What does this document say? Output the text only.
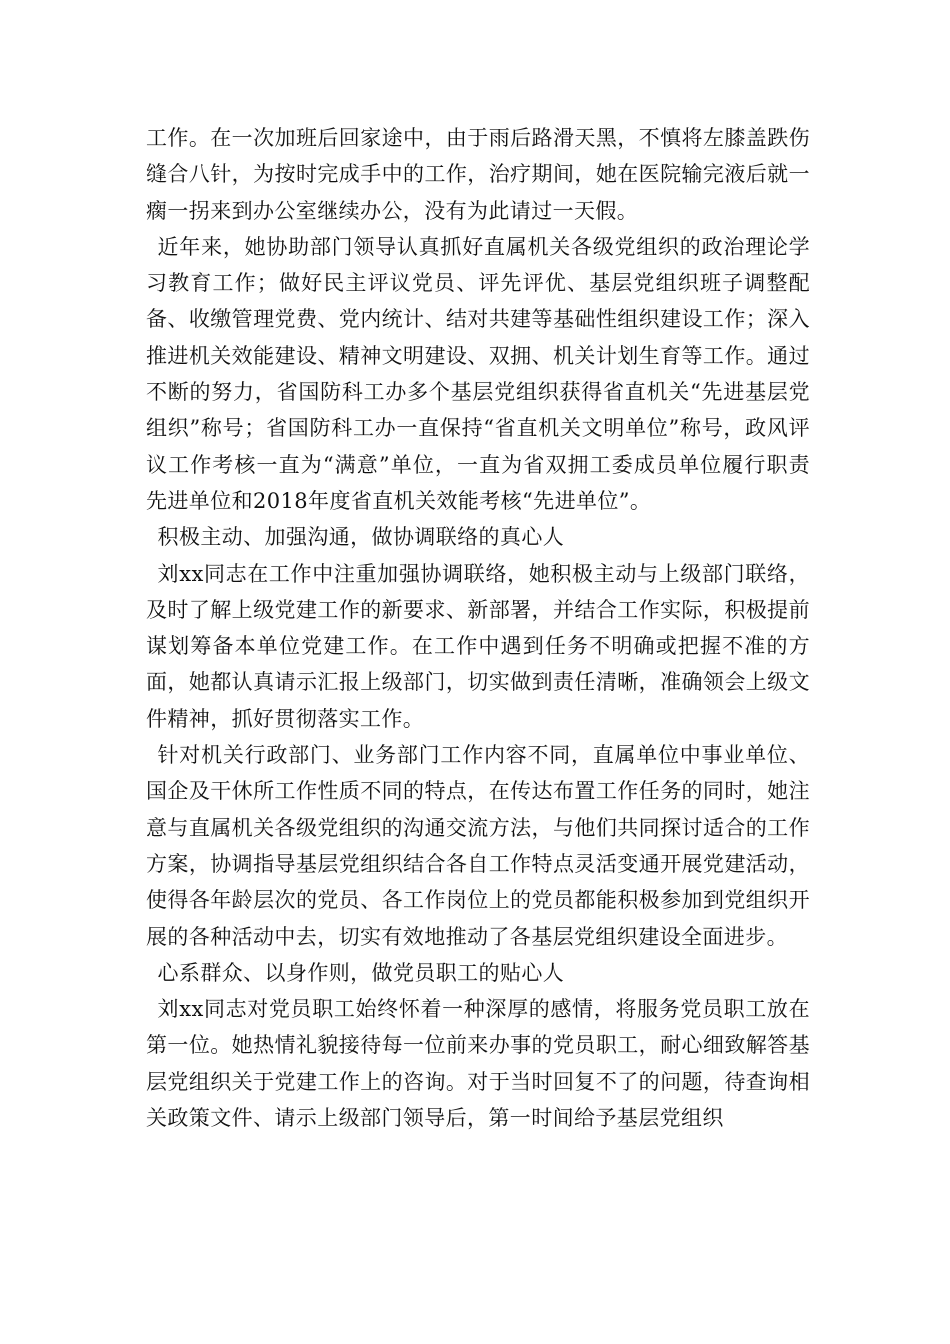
工作。在一次加班后回家途中，由于雨后路滑天黑，不慎将左膝盖跌伤缝合八针，为按时完成手中的工作，治疗期间，她在医院输完液后就一瘸一拐来到办公室继续办公，没有为此请过一天假。

近年来，她协助部门领导认真抓好直属机关各级党组织的政治理论学习教育工作；做好民主评议党员、评先评优、基层党组织班子调整配备、收缴管理党费、党内统计、结对共建等基础性组织建设工作；深入推进机关效能建设、精神文明建设、双拥、机关计划生育等工作。通过不断的努力，省国防科工办多个基层党组织获得省直机关“先进基层党组织”称号；省国防科工办一直保持“省直机关文明单位”称号，政风评议工作考核一直为“满意”单位，一直为省双拥工委成员单位履行职责先进单位和2018年度省直机关效能考核“先进单位”。

积极主动、加强沟通，做协调联络的真心人

刘xx同志在工作中注重加强协调联络，她积极主动与上级部门联络，及时了解上级党建工作的新要求、新部署，并结合工作实际，积极提前谋划筹备本单位党建工作。在工作中遇到任务不明确或把握不准的方面，她都认真请示汇报上级部门，切实做到责任清晰，准确领会上级文件精神，抓好贯彻落实工作。

针对机关行政部门、业务部门工作内容不同，直属单位中事业单位、国企及干休所工作性质不同的特点，在传达布置工作任务的同时，她注意与直属机关各级党组织的沟通交流方法，与他们共同探讨适合的工作方案，协调指导基层党组织结合各自工作特点灵活变通开展党建活动，使得各年龄层次的党员、各工作岗位上的党员都能积极参加到党组织开展的各种活动中去，切实有效地推动了各基层党组织建设全面进步。

心系群众、以身作则，做党员职工的贴心人

刘xx同志对党员职工始终怀着一种深厚的感情，将服务党员职工放在第一位。她热情礼貌接待每一位前来办事的党员职工，耐心细致解答基层党组织关于党建工作上的咨询。对于当时回复不了的问题，待查询相关政策文件、请示上级部门领导后，第一时间给予基层党组织
